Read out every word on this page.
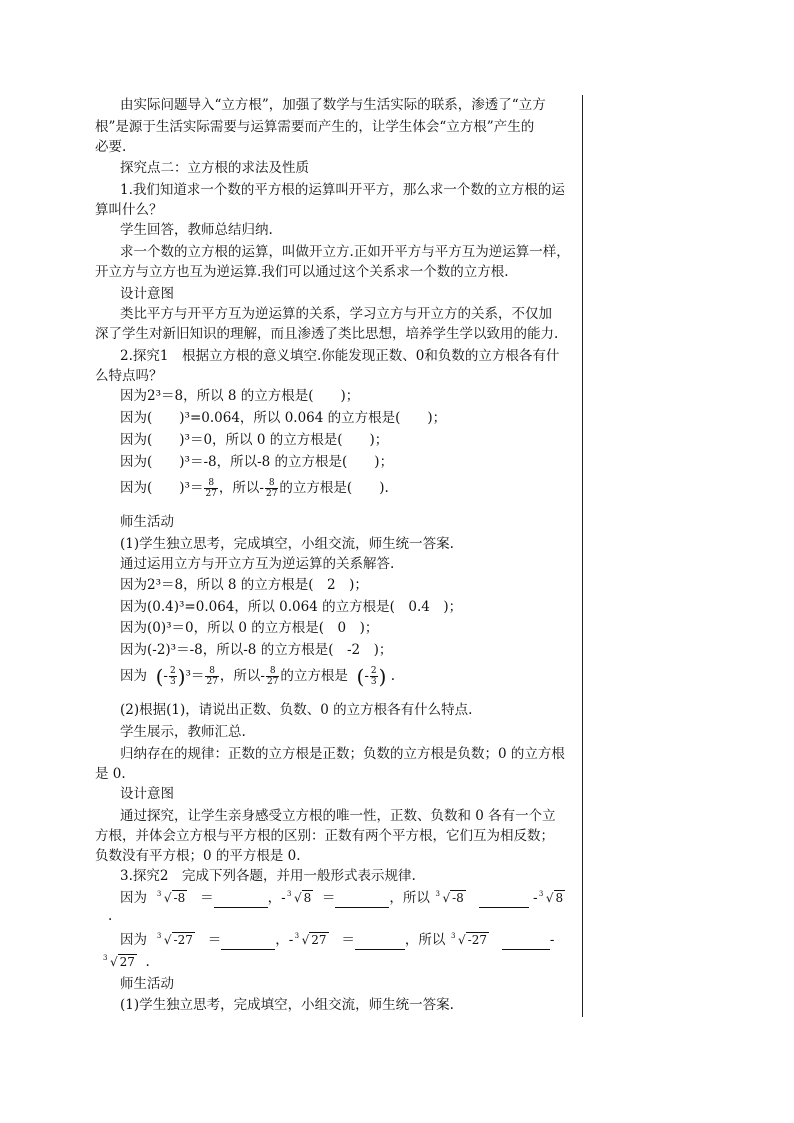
由实际问题导入“立方根”，加强了数学与生活实际的联系，渗透了“立方
根”是源于生活实际需要与运算需要而产生的，让学生体会“立方根”产生的
必要.
探究点二：立方根的求法及性质
1.我们知道求一个数的平方根的运算叫开平方，那么求一个数的立方根的运
算叫什么？
学生回答，教师总结归纳.
求一个数的立方根的运算，叫做开立方.正如开平方与平方互为逆运算一样，
开立方与立方也互为逆运算.我们可以通过这个关系求一个数的立方根.
设计意图
类比平方与开平方互为逆运算的关系，学习立方与开立方的关系，不仅加
深了学生对新旧知识的理解，而且渗透了类比思想，培养学生学以致用的能力.
2.探究1　根据立方根的意义填空.你能发现正数、0和负数的立方根各有什
么特点吗？
因为2³＝8，所以 8 的立方根是(　　)；
因为(　　)³=0.064，所以 0.064 的立方根是(　　)；
因为(　　)³＝0，所以 0 的立方根是(　　)；
因为(　　)³＝-8，所以-8 的立方根是(　　)；
因为(　　)$^3= \frac{8}{27}$ ，所以- $\frac{8}{27}$ 的立方根是(　　).
师生活动
(1)学生独立思考，完成填空，小组交流，师生统一答案.
通过运用立方与开立方互为逆运算的关系解答.
因为2³＝8，所以 8 的立方根是(　2　)；
因为(0.4)³=0.064，所以 0.064 的立方根是(　0.4　)；
因为(0)³＝0，所以 0 的立方根是(　0　)；
因为(-2)³＝-8，所以-8 的立方根是(　-2　)；
因为 (- $\frac{2}{3} )^3= \frac{8}{27}$ ，所以- $\frac{8}{27}$ 的立方根是 (- $\frac{2}{3}$ ) .
(2)根据(1)，请说出正数、负数、0 的立方根各有什么特点.
学生展示，教师汇总.
归纳存在的规律：正数的立方根是正数；负数的立方根是负数；0 的立方根
是 0.
设计意图
通过探究，让学生亲身感受立方根的唯一性，正数、负数和 0 各有一个立
方根，并体会立方根与平方根的区别：正数有两个平方根，它们互为相反数；
负数没有平方根；0 的平方根是 0.
3.探究2　完成下列各题，并用一般形式表示规律.
因为 3 √ -8 ＝	，- 3 √ 8 ＝	，所以 3 √ -8	- 3 √ 8
.
因为 3 √ -27 ＝	，- 3 √ 27 ＝	，所以 3 √ -27	-
3 √ 27 .
师生活动
(1)学生独立思考，完成填空，小组交流，师生统一答案.
